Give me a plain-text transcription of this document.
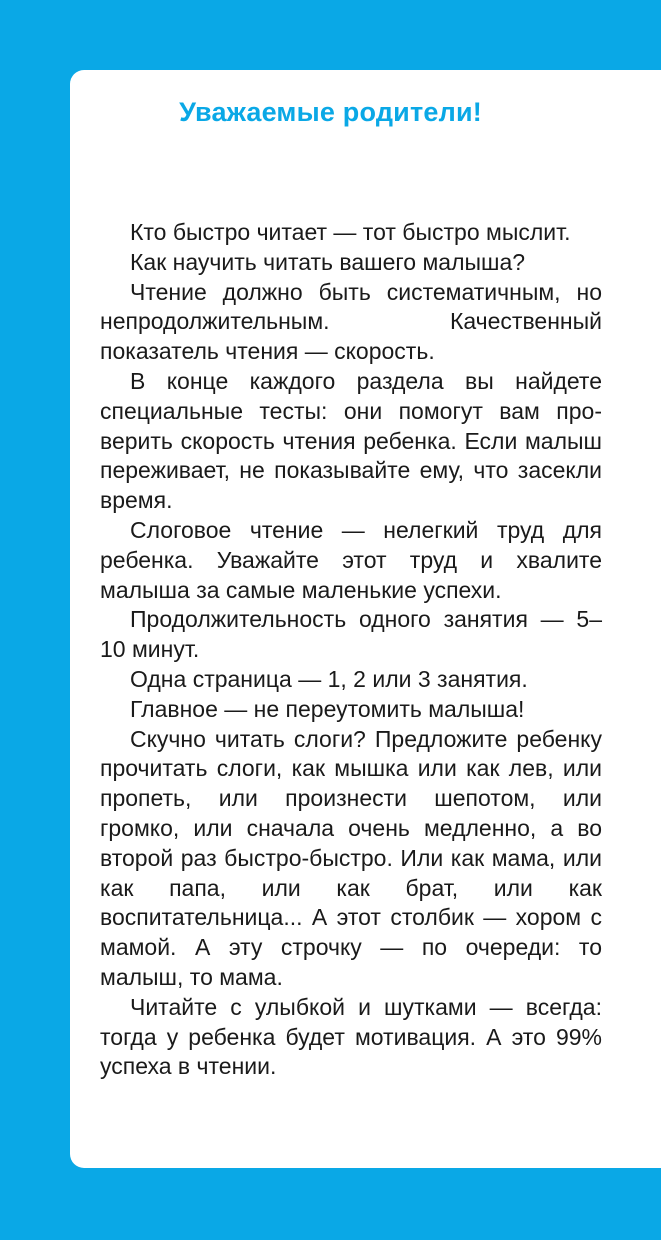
Уважаемые родители!

Кто быстро читает — тот быстро мыслит.

Как научить читать вашего малыша?

Чтение должно быть систематичным, но непродолжительным. Качественный показатель чтения — скорость.

В конце каждого раздела вы найдете специальные тесты: они помогут вам проверить скорость чтения ребенка. Если малыш переживает, не показывайте ему, что засекли время.

Слоговое чтение — нелегкий труд для ребенка. Уважайте этот труд и хвалите малыша за самые маленькие успехи.

Продолжительность одного занятия — 5–10 минут.

Одна страница — 1, 2 или 3 занятия.

Главное — не переутомить малыша!

Скучно читать слоги? Предложите ребенку прочитать слоги, как мышка или как лев, или пропеть, или произнести шепотом, или громко, или сначала очень медленно, а во второй раз быстро-быстро. Или как мама, или как папа, или как брат, или как воспитательница... А этот столбик — хором с мамой. А эту строчку — по очереди: то малыш, то мама.

Читайте с улыбкой и шутками — всегда: тогда у ребенка будет мотивация. А это 99% успеха в чтении.
